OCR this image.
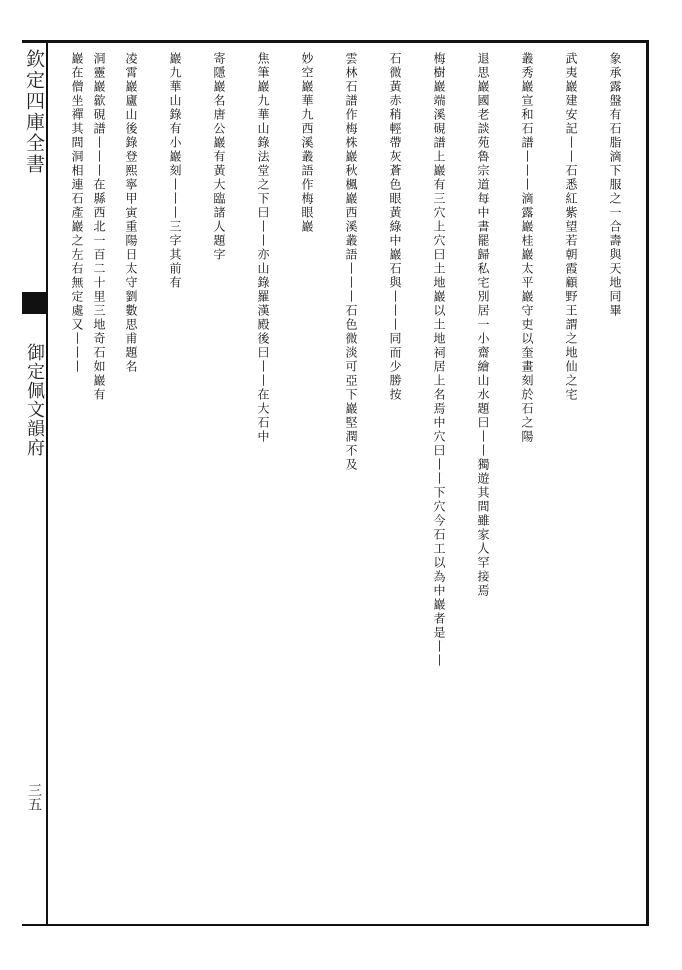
欽定四庫全書
御定佩文韻府
三五
象承露盤有石脂滴下服之一合壽與天地同畢
武夷巖建安記丨丨石悉紅紫望若朝霞顧野王謂之地仙之宅
叢秀巖宣和石譜丨丨丨滴露巖桂巖太平巖守吏以奎畫刻於石之陽
退思巖國老談苑魯宗道每中書罷歸私宅別居一小齋繪山水題曰丨丨獨遊其間雖家人罕接焉
梅樹巖端溪硯譜上巖有三穴上穴曰土地巖以土地祠居上名焉中穴曰丨丨下穴今石工以為中巖者是丨丨
石微黃赤稍輕帶灰蒼色眼黃綠中巖石與丨丨丨同而少勝按
雲林石譜作梅株巖秋楓巖西溪叢語丨丨丨石色微淡可亞下巖堅潤不及
妙空巖華九西溪叢語作梅眼巖
焦筆巖九華山錄法堂之下曰丨丨亦山錄羅漢殿後曰丨丨在大石中
寄隱巖名唐公巖有黃大臨諸人題字
巖九華山錄有小巖刻丨丨丨三字其前有
凌霄巖廬山後錄登熙寧甲寅重陽日太守劉數思甫題名
洞靈巖歙硯譜丨丨丨在縣西北一百二十里三地奇石如巖有
巖在僧坐禪其間洞相連石產巖之左右無定處又丨丨丨
